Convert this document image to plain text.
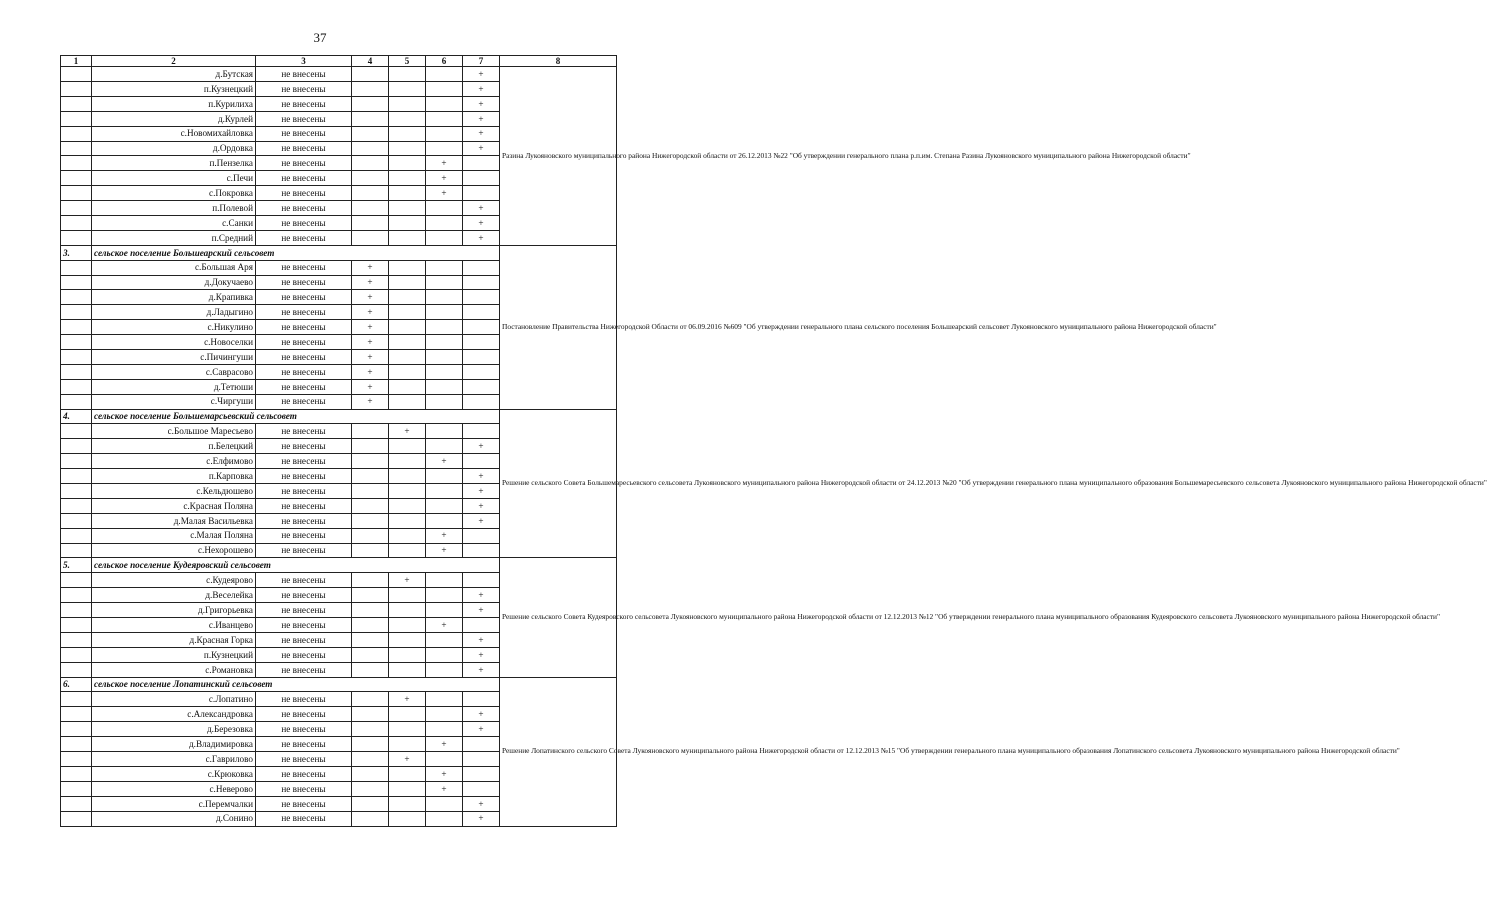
37
1	2	3	4	5	6	7	8
	д.Бутская	не внесены				+	Разина Лукояновского муниципального района Нижегородской области от 26.12.2013 №22 "Об утверждении генерального плана р.п.им. Степана Разина Лукояновского муниципального района Нижегородской области"
	п.Кузнецкий	не внесены				+	
	п.Курилиха	не внесены				+	
	д.Курлей	не внесены				+	
	с.Новомихайловка	не внесены				+	
	д.Ордовка	не внесены				+	
	п.Пензелка	не внесены			+		
	с.Печи	не внесены			+		
	с.Покровка	не внесены			+		
	п.Полевой	не внесены				+	
	с.Санки	не внесены				+	
	п.Средний	не внесены				+	
3.	сельское поселение Большеарский сельсовет						Постановление Правительства Нижегородской Области от 06.09.2016 №609 "Об утверждении генерального плана сельского поселения Большеарский сельсовет Лукояновского муниципального района Нижегородской области"
	с.Большая Аря	не внесены	+				
	д.Докучаево	не внесены	+				
	д.Крапивка	не внесены	+				
	д.Ладыгино	не внесены	+				
	с.Никулино	не внесены	+				
	с.Новоселки	не внесены	+				
	с.Пичингуши	не внесены	+				
	с.Саврасово	не внесены	+				
	д.Тетюши	не внесены	+				
	с.Чиргуши	не внесены	+				
4.	сельское поселение Большемарсьевский сельсовет						Решение сельского Совета Большемаресьевского сельсовета Лукояновского муниципального района Нижегородской области от 24.12.2013 №20 "Об утверждении генерального плана муниципального образования Большемаресьевского сельсовета Лукояновского муниципального района Нижегородской области"
	с.Большое Маресьево	не внесены		+			
	п.Белецкий	не внесены				+	
	с.Елфимово	не внесены			+		
	п.Карповка	не внесены				+	
	с.Кельдюшево	не внесены				+	
	с.Красная Поляна	не внесены				+	
	д.Малая Васильевка	не внесены				+	
	с.Малая Поляна	не внесены			+		
	с.Нехорошево	не внесены			+		
5.	сельское поселение Кудеяровский сельсовет						Решение сельского Совета Кудеяровского сельсовета Лукояновского муниципального района Нижегородской области от 12.12.2013 №12 "Об утверждении генерального плана муниципального образования Кудеяровского сельсовета Лукояновского муниципального района Нижегородской области"
	с.Кудеярово	не внесены		+			
	д.Веселейка	не внесены				+	
	д.Григорьевка	не внесены				+	
	с.Иванцево	не внесены			+		
	д.Красная Горка	не внесены				+	
	п.Кузнецкий	не внесены				+	
	с.Романовка	не внесены				+	
6.	сельское поселение Лопатинский сельсовет						Решение Лопатинского сельского Совета Лукояновского муниципального района Нижегородской области от 12.12.2013 №15 "Об утверждении генерального плана муниципального образования Лопатинского сельсовета Лукояновского муниципального района Нижегородской области"
	с.Лопатино	не внесены		+			
	с.Александровка	не внесены				+	
	д.Березовка	не внесены				+	
	д.Владимировка	не внесены			+		
	с.Гаврилово	не внесены		+			
	с.Крюковка	не внесены			+		
	с.Неверово	не внесены			+		
	с.Перемчалки	не внесены				+	
	д.Сонино	не внесены				+	
